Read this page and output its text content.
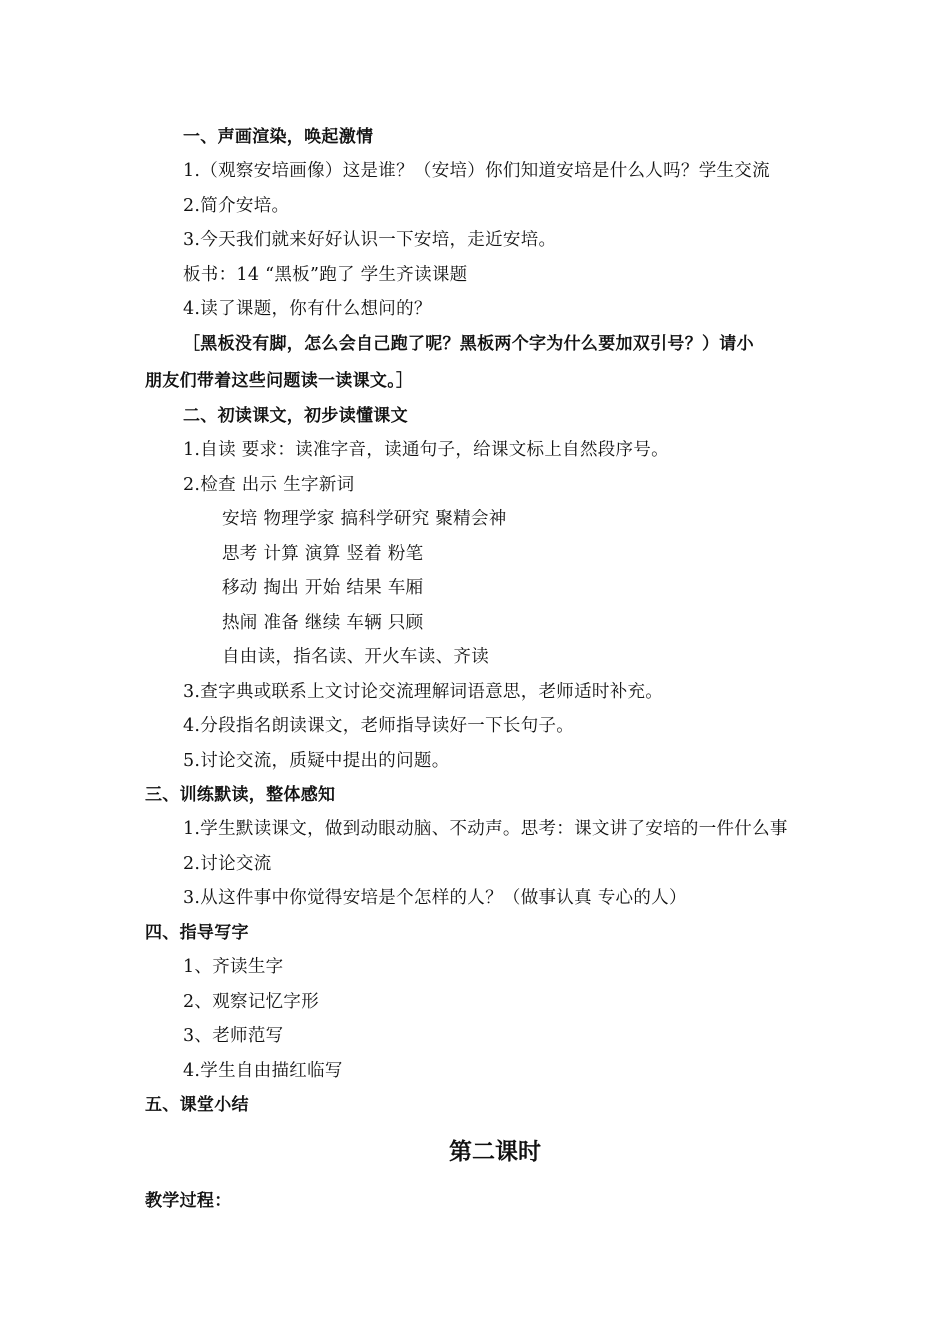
一、声画渲染，唤起激情
1.（观察安培画像）这是谁？（安培）你们知道安培是什么人吗？学生交流
2.简介安培。
3.今天我们就来好好认识一下安培，走近安培。
板书：14 “黑板”跑了 学生齐读课题
4.读了课题，你有什么想问的？
［黑板没有脚，怎么会自己跑了呢？黑板两个字为什么要加双引号？）请小
朋友们带着这些问题读一读课文。］
二、初读课文，初步读懂课文
1.自读 要求：读准字音，读通句子，给课文标上自然段序号。
2.检查 出示 生字新词
安培 物理学家 搞科学研究 聚精会神
思考 计算 演算 竖着 粉笔
移动 掏出 开始 结果 车厢
热闹 准备 继续 车辆 只顾
自由读，指名读、开火车读、齐读
3.查字典或联系上文讨论交流理解词语意思，老师适时补充。
4.分段指名朗读课文，老师指导读好一下长句子。
5.讨论交流，质疑中提出的问题。
三、训练默读，整体感知
1.学生默读课文，做到动眼动脑、不动声。思考：课文讲了安培的一件什么事
2.讨论交流
3.从这件事中你觉得安培是个怎样的人？（做事认真 专心的人）
四、指导写字
1、齐读生字
2、观察记忆字形
3、老师范写
4.学生自由描红临写
五、课堂小结
第二课时
教学过程：
